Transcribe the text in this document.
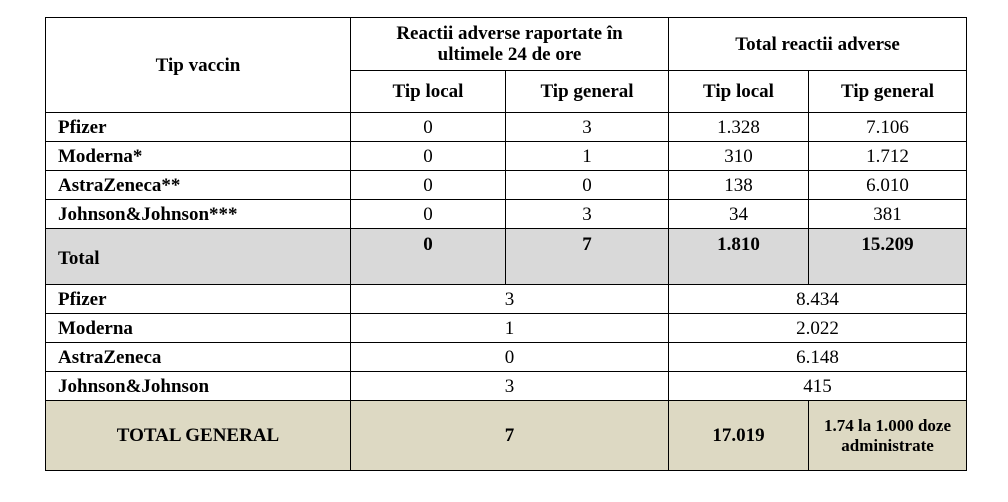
Tip vaccin	Reactii adverse raportate în ultimele 24 de ore		Total reactii adverse	
	Tip local	Tip general	Tip local	Tip general
Pfizer	0	3	1.328	7.106
Moderna*	0	1	310	1.712
AstraZeneca**	0	0	138	6.010
Johnson&Johnson***	0	3	34	381
Total	0	7	1.810	15.209
Pfizer	3		8.434	
Moderna	1		2.022	
AstraZeneca	0		6.148	
Johnson&Johnson	3		415	
TOTAL GENERAL	7		17.019	1.74 la 1.000 doze administrate
